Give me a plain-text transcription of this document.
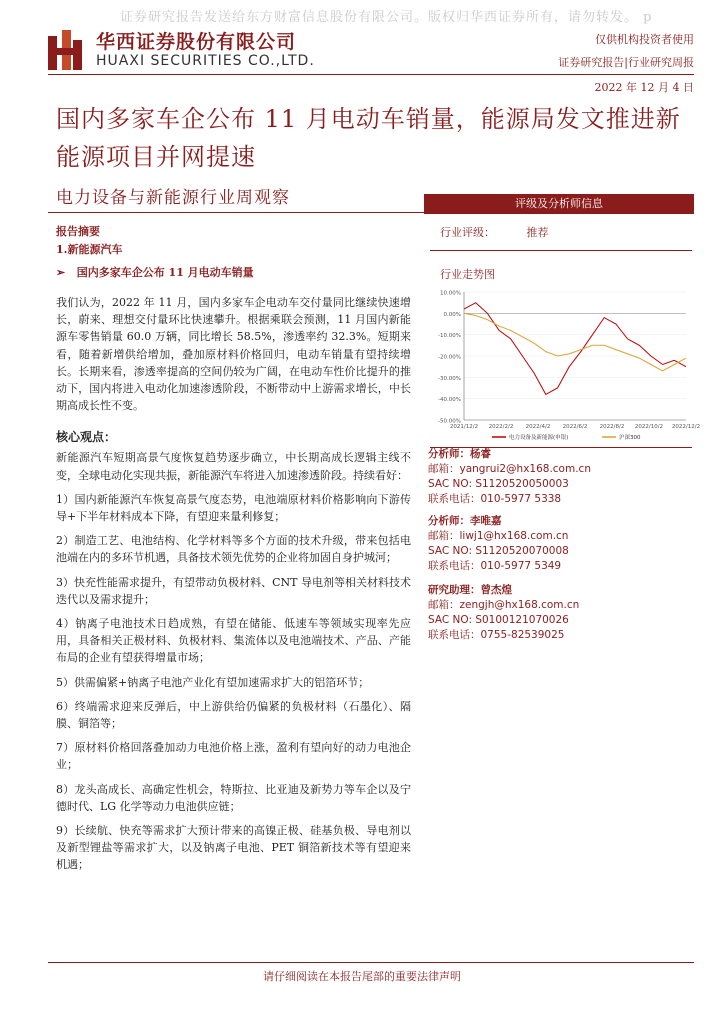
证券研究报告发送给东方财富信息股份有限公司。版权归华西证券所有，请勿转发。 p
华西证券股份有限公司
HUAXI SECURITIES CO.,LTD.
仅供机构投资者使用
证券研究报告|行业研究周报
2022 年 12 月 4 日
国内多家车企公布 11 月电动车销量，能源局发文推进新能源项目并网提速
电力设备与新能源行业周观察
报告摘要
1.新能源汽车
➢ 国内多家车企公布 11 月电动车销量
我们认为，2022 年 11 月，国内多家车企电动车交付量同比继续快速增长，蔚来、理想交付量环比快速攀升。根据乘联会预测，11 月国内新能源车零售销量 60.0 万辆，同比增长 58.5%，渗透率约 32.3%。短期来看，随着新增供给增加，叠加原材料价格回归，电动车销量有望持续增长。长期来看，渗透率提高的空间仍较为广阔，在电动车性价比提升的推动下，国内将进入电动化加速渗透阶段，不断带动中上游需求增长，中长期高成长性不变。
核心观点：
新能源汽车短期高景气度恢复趋势逐步确立，中长期高成长逻辑主线不变，全球电动化实现共振，新能源汽车将进入加速渗透阶段。持续看好：
1）国内新能源汽车恢复高景气度态势，电池端原材料价格影响向下游传导+下半年材料成本下降，有望迎来量利修复；
2）制造工艺、电池结构、化学材料等多个方面的技术升级，带来包括电池端在内的多环节机遇，具备技术领先优势的企业将加固自身护城河；
3）快充性能需求提升，有望带动负极材料、CNT 导电剂等相关材料技术迭代以及需求提升；
4）钠离子电池技术日趋成熟，有望在储能、低速车等领域实现率先应用，具备相关正极材料、负极材料、集流体以及电池端技术、产品、产能布局的企业有望获得增量市场；
5）供需偏紧+钠离子电池产业化有望加速需求扩大的铝箔环节；
6）终端需求迎来反弹后，中上游供给仍偏紧的负极材料（石墨化）、隔膜、铜箔等；
7）原材料价格回落叠加动力电池价格上涨，盈利有望向好的动力电池企业；
8）龙头高成长、高确定性机会，特斯拉、比亚迪及新势力等车企以及宁德时代、LG 化学等动力电池供应链；
9）长续航、快充等需求扩大预计带来的高镍正极、硅基负极、导电剂以及新型锂盐等需求扩大，以及钠离子电池、PET 铜箔新技术等有望迎来机遇；
评级及分析师信息
行业评级：	推荐
行业走势图
10.00%
0.00%
-10.00%
-20.00%
-30.00%
-40.00%
-50.00%
2021/12/2 2022/2/2 2022/4/2 2022/6/2 2022/8/2 2022/10/2 2022/12/2
电力设备及新能源(申银)	沪深300
分析师：杨睿
邮箱：yangrui2@hx168.com.cn
SAC NO: S1120520050003
联系电话：010-5977 5338
分析师：李唯嘉
邮箱：liwj1@hx168.com.cn
SAC NO: S1120520070008
联系电话：010-5977 5349
研究助理：曾杰煌
邮箱：zengjh@hx168.com.cn
SAC NO: S0100121070026
联系电话：0755-82539025
请仔细阅读在本报告尾部的重要法律声明
